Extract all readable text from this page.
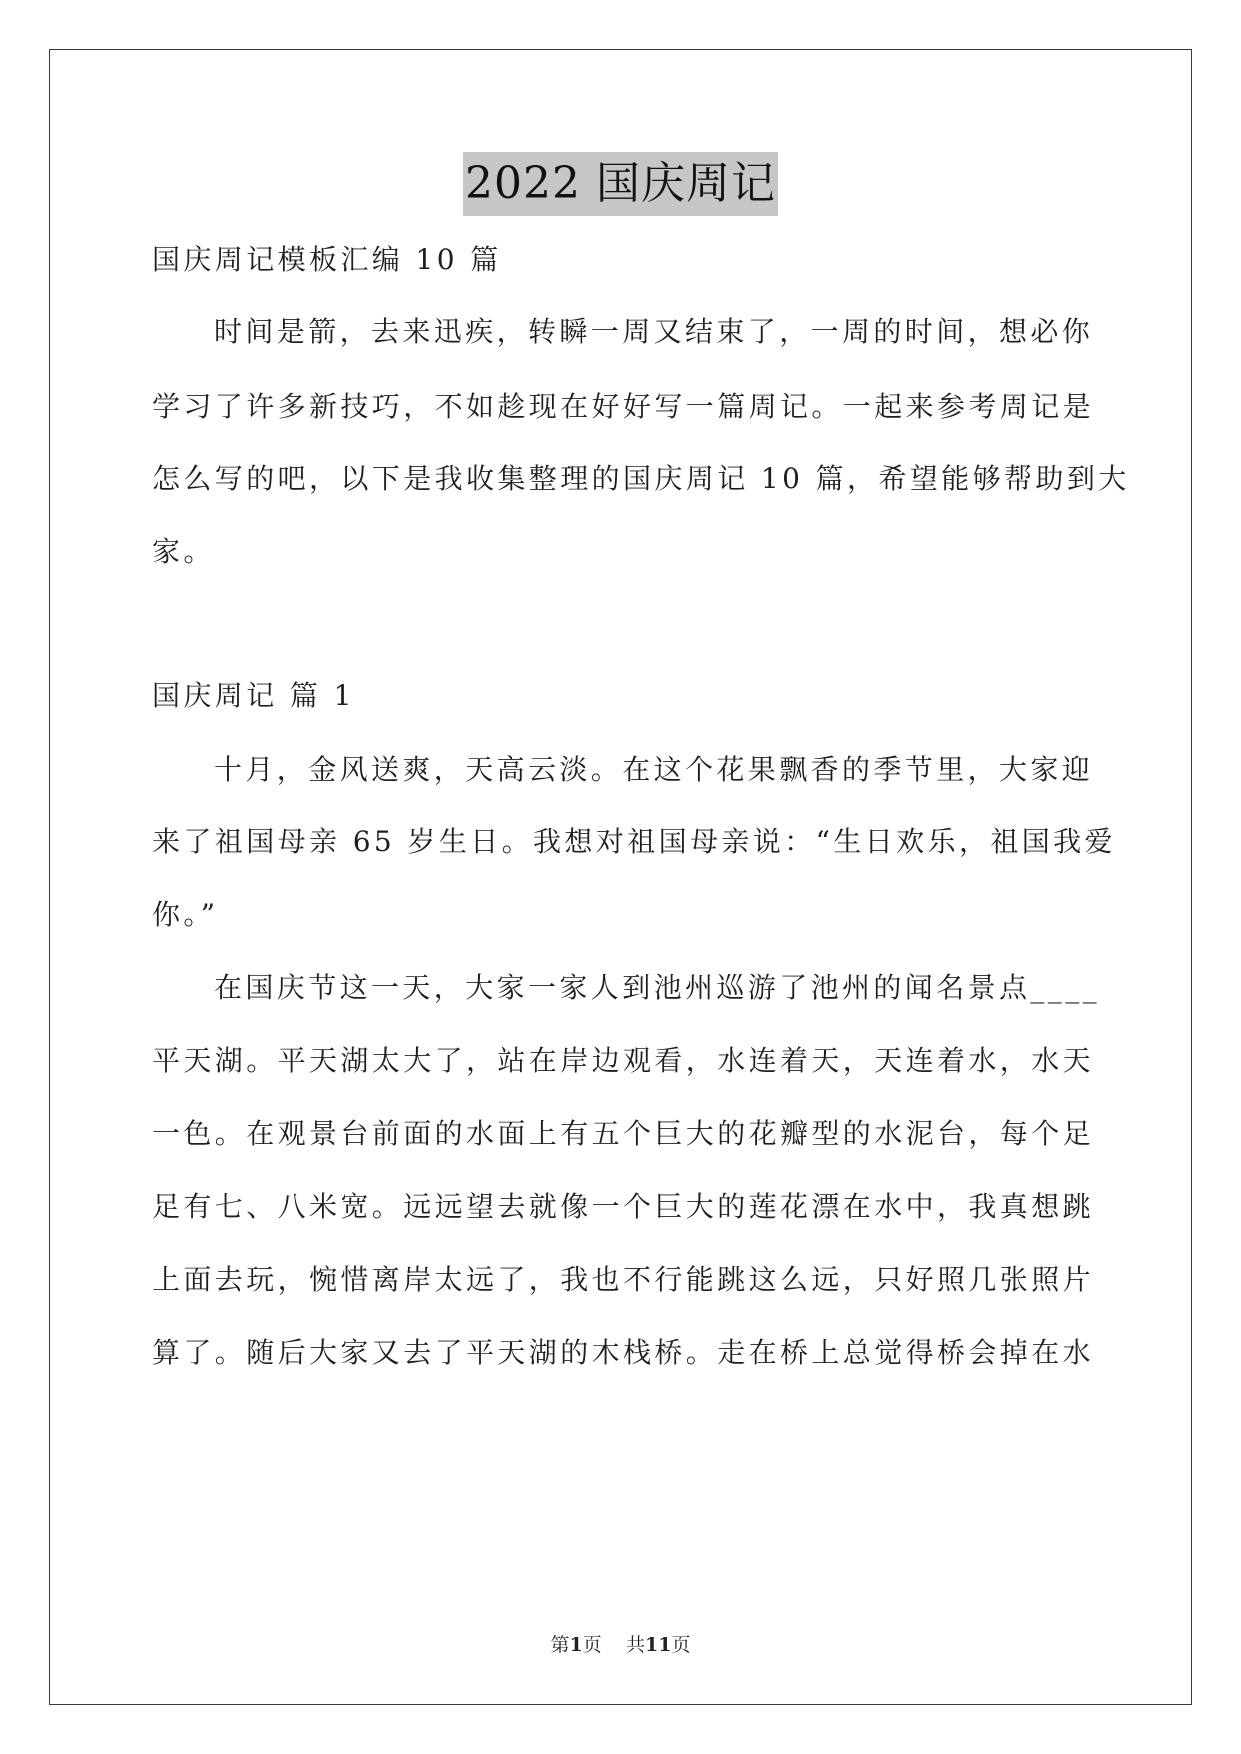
2022 国庆周记
国庆周记模板汇编 10 篇
时间是箭，去来迅疾，转瞬一周又结束了，一周的时间，想必你
学习了许多新技巧，不如趁现在好好写一篇周记。一起来参考周记是
怎么写的吧，以下是我收集整理的国庆周记 10 篇，希望能够帮助到大
家。
国庆周记 篇 1
十月，金风送爽，天高云淡。在这个花果飘香的季节里，大家迎
来了祖国母亲 65 岁生日。我想对祖国母亲说：“生日欢乐，祖国我爱
你。”
在国庆节这一天，大家一家人到池州巡游了池州的闻名景点____
平天湖。平天湖太大了，站在岸边观看，水连着天，天连着水，水天
一色。在观景台前面的水面上有五个巨大的花瓣型的水泥台，每个足
足有七、八米宽。远远望去就像一个巨大的莲花漂在水中，我真想跳
上面去玩，惋惜离岸太远了，我也不行能跳这么远，只好照几张照片
算了。随后大家又去了平天湖的木栈桥。走在桥上总觉得桥会掉在水
第1页 共11页
